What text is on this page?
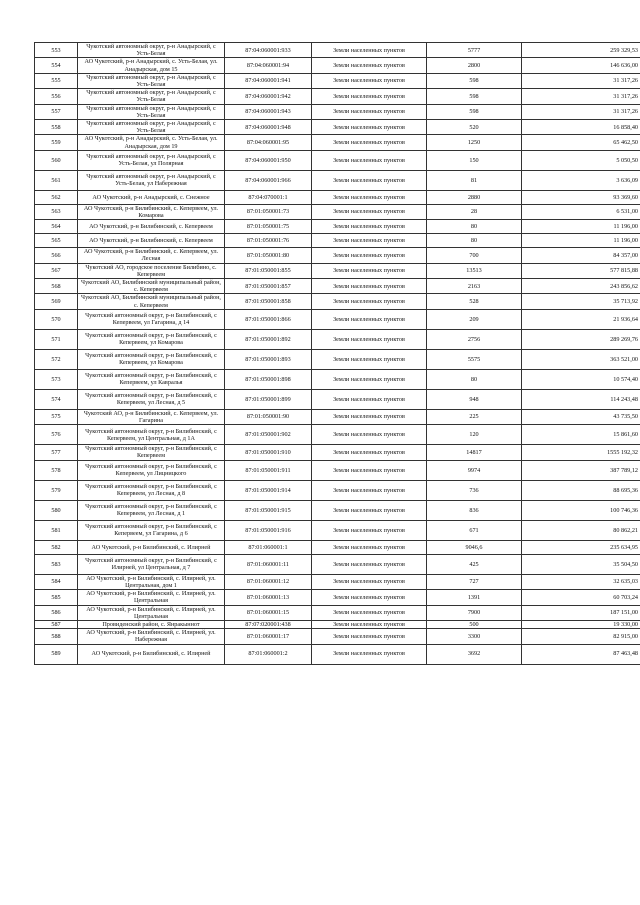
553	Чукотский автономный округ, р-н Анадырский, с Усть-Белая	87:04:060001:933	Земли населенных пунктов	5777	259 329,53
554	АО Чукотский, р-н Анадырский, с. Усть-Белая, ул. Анадырская, дом 15	87:04:060001:94	Земли населенных пунктов	2800	146 636,00
555	Чукотский автономный округ, р-н Анадырский, с Усть-Белая	87:04:060001:941	Земли населенных пунктов	598	31 317,26
556	Чукотский автономный округ, р-н Анадырский, с Усть-Белая	87:04:060001:942	Земли населенных пунктов	598	31 317,26
557	Чукотский автономный округ, р-н Анадырский, с Усть-Белая	87:04:060001:943	Земли населенных пунктов	598	31 317,26
558	Чукотский автономный округ, р-н Анадырский, с Усть-Белая	87:04:060001:948	Земли населенных пунктов	520	16 858,40
559	АО Чукотский, р-н Анадырский, с. Усть-Белая, ул. Анадырская, дом 19	87:04:060001:95	Земли населенных пунктов	1250	65 462,50
560	Чукотский автономный округ, р-н Анадырский, с Усть-Белая, ул Полярная	87:04:060001:950	Земли населенных пунктов	150	5 050,50
561	Чукотский автономный округ, р-н Анадырский, с Усть-Белая, ул Набережная	87:04:060001:966	Земли населенных пунктов	81	3 636,09
562	АО Чукотский, р-н Анадырский, с. Снежное	87:04:070001:1	Земли населенных пунктов	2880	93 369,60
563	АО Чукотский, р-н Билибинский, с. Кепервеем, ул. Комарова	87:01:050001:73	Земли населенных пунктов	28	6 531,00
564	АО Чукотский, р-н Билибинский, с. Кепервеем	87:01:050001:75	Земли населенных пунктов	80	11 196,00
565	АО Чукотский, р-н Билибинский, с. Кепервеем	87:01:050001:76	Земли населенных пунктов	80	11 196,00
566	АО Чукотский, р-н Билибинский, с. Кепервеем, ул. Лесная	87:01:050001:80	Земли населенных пунктов	700	84 357,00
567	Чукотский АО, городское поселение Билибино, с. Кепервеем	87:01:050001:855	Земли населенных пунктов	13513	577 815,88
568	Чукотский АО, Билибинский муниципальный район, с. Кепервеем	87:01:050001:857	Земли населенных пунктов	2163	243 856,62
569	Чукотский АО, Билибинский муниципальный район, с. Кепервеем	87:01:050001:858	Земли населенных пунктов	528	35 713,92
570	Чукотский автономный округ, р-н Билибинский, с Кепервеем, ул Гагарина, д 14	87:01:050001:866	Земли населенных пунктов	209	21 936,64
571	Чукотский автономный округ, р-н Билибинский, с Кепервеем, ул Комарова	87:01:050001:892	Земли населенных пунктов	2756	289 269,76
572	Чукотский автономный округ, р-н Билибинский, с Кепервеем, ул Комарова	87:01:050001:893	Земли населенных пунктов	5575	363 521,00
573	Чукотский автономный округ, р-н Билибинский, с Кепервеем, ул Кавралья	87:01:050001:898	Земли населенных пунктов	80	10 574,40
574	Чукотский автономный округ, р-н Билибинский, с Кепервеем, ул Лесная, д 5	87:01:050001:899	Земли населенных пунктов	948	114 243,48
575	Чукотский АО, р-н Билибинский, с. Кепервеем, ул. Гагарина	87:01:050001:90	Земли населенных пунктов	225	43 735,50
576	Чукотский автономный округ, р-н Билибинский, с Кепервеем, ул Центральная, д 1А	87:01:050001:902	Земли населенных пунктов	120	15 861,60
577	Чукотский автономный округ, р-н Билибинский, с Кепервеем	87:01:050001:910	Земли населенных пунктов	14817	1555 192,32
578	Чукотский автономный округ, р-н Билибинский, с Кепервеем, ул Лицницкого	87:01:050001:911	Земли населенных пунктов	9974	387 789,12
579	Чукотский автономный округ, р-н Билибинский, с Кепервеем, ул Лесная, д 8	87:01:050001:914	Земли населенных пунктов	736	88 695,36
580	Чукотский автономный округ, р-н Билибинский, с Кепервеем, ул Лесная, д 1	87:01:050001:915	Земли населенных пунктов	836	100 746,36
581	Чукотский автономный округ, р-н Билибинский, с Кепервеем, ул Гагарина, д 6	87:01:050001:916	Земли населенных пунктов	671	80 862,21
582	АО Чукотский, р-н Билибинский, с. Илирней	87:01:060001:1	Земли населенных пунктов	9046,6	235 634,95
583	Чукотский автономный округ, р-н Билибинский, с Илирней, ул Центральная, д 7	87:01:060001:11	Земли населенных пунктов	425	35 504,50
584	АО Чукотский, р-н Билибинский, с. Илирней, ул. Центральная, дом 1	87:01:060001:12	Земли населенных пунктов	727	32 635,03
585	АО Чукотский, р-н Билибинский, с. Илирней, ул. Центральная	87:01:060001:13	Земли населенных пунктов	1391	60 703,24
586	АО Чукотский, р-н Билибинский, с. Илирней, ул. Центральная	87:01:060001:15	Земли населенных пунктов	7900	187 151,00
587	Провиденский район, с. Янракыннот	87:07:020001:438	Земли населенных пунктов	500	19 330,00
588	АО Чукотский, р-н Билибинский, с. Илирней, ул. Набережная	87:01:060001:17	Земли населенных пунктов	3300	82 915,00
589	АО Чукотский, р-н Билибинский, с. Илирней	87:01:060001:2	Земли населенных пунктов	3692	87 463,48
